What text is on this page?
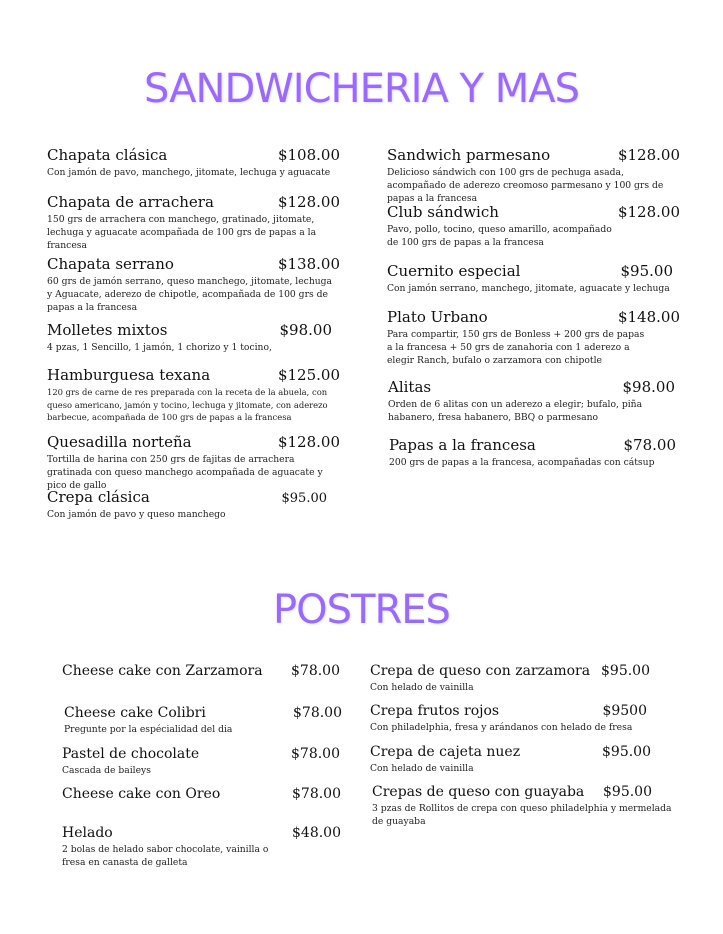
SANDWICHERIA Y MAS
Chapata clásica	$108.00
Con jamón de pavo, manchego, jitomate, lechuga y aguacate
Chapata de arrachera	$128.00
150 grs de arrachera con manchego, gratinado, jitomate, lechuga y aguacate acompañada de 100 grs de papas a la francesa
Chapata serrano	$138.00
60 grs de jamón serrano, queso manchego, jitomate, lechuga y Aguacate, aderezo de chipotle, acompañada de 100 grs de papas a la francesa
Molletes mixtos	$98.00
4 pzas, 1 Sencillo, 1 jamón, 1 chorizo y 1 tocino,
Hamburguesa texana	$125.00
120 grs de carne de res preparada con la receta de la abuela, con queso americano, jamón y tocino, lechuga y jitomate, con aderezo barbecue, acompañada de 100 grs de papas a la francesa
Quesadilla norteña	$128.00
Tortilla de harina con 250 grs de fajitas de arrachera gratinada con queso manchego acompañada de aguacate y pico de gallo
Crepa clásica	$95.00
Con jamón de pavo y queso manchego
Sandwich parmesano	$128.00
Delicioso sándwich con 100 grs de pechuga asada, acompañado de aderezo creomoso parmesano y 100 grs de papas a la francesa
Club sándwich	$128.00
Pavo, pollo, tocino, queso amarillo, acompañado de 100 grs de papas a la francesa
Cuernito especial	$95.00
Con jamón serrano, manchego, jitomate, aguacate y lechuga
Plato Urbano	$148.00
Para compartir, 150 grs de Bonless + 200 grs de papas a la francesa + 50 grs de zanahoria con 1 aderezo a elegir Ranch, bufalo o zarzamora con chipotle
Alitas	$98.00
Orden de 6 alitas con un aderezo a elegir; bufalo, piña habanero, fresa habanero, BBQ o parmesano
Papas a la francesa	$78.00
200 grs de papas a la francesa, acompañadas con cátsup
POSTRES
Cheese cake con Zarzamora $78.00
Cheese cake Colibri	$78.00
Pregunte por la espécialidad del dia
Pastel de chocolate	$78.00
Cascada de baileys
Cheese cake con Oreo	$78.00
Helado	$48.00
2 bolas de helado sabor chocolate, vainilla o fresa en canasta de galleta
Crepa de queso con zarzamora $95.00
Con helado de vainilla
Crepa frutos rojos	$9500
Con philadelphia, fresa y arándanos con helado de fresa
Crepa de cajeta nuez	$95.00
Con helado de vainilla
Crepas de queso con guayaba $95.00
3 pzas de Rollitos de crepa con queso philadelphia y mermelada de guayaba
